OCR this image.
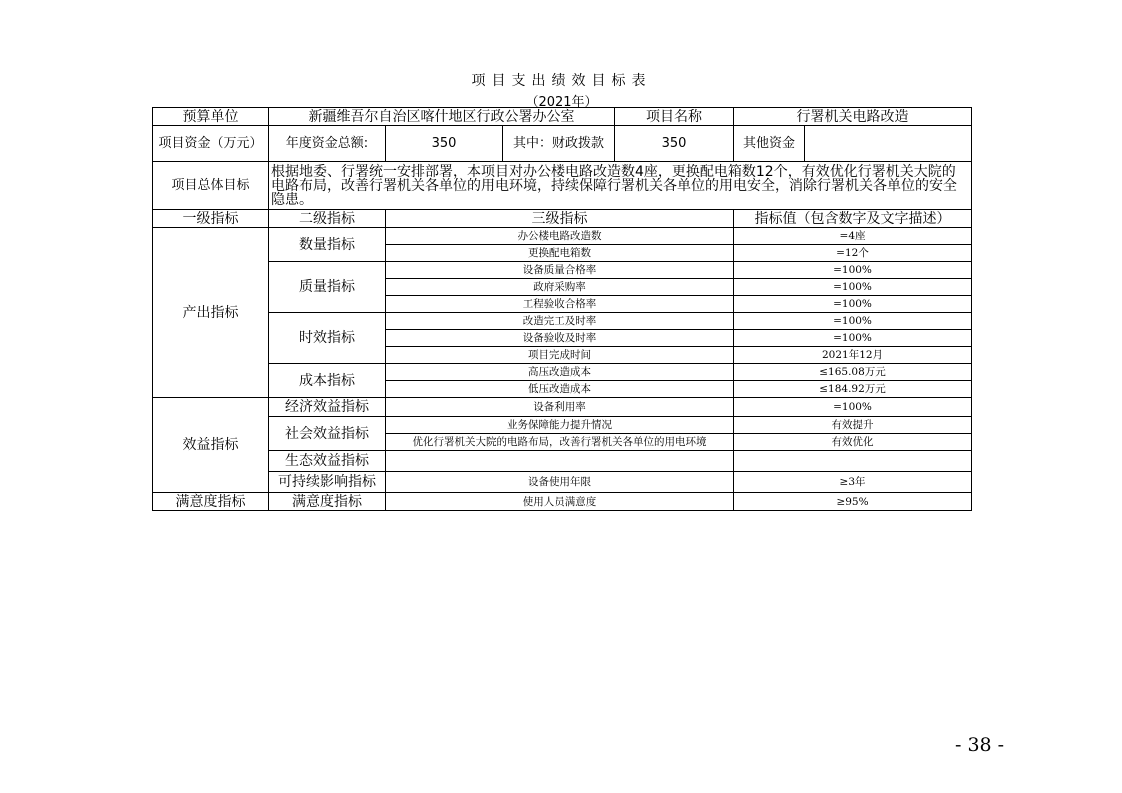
项目支出绩效目标表
（2021年）
预算单位	新疆维吾尔自治区喀什地区行政公署办公室			项目名称	行署机关电路改造	
项目资金（万元）	年度资金总额:	350	其中：财政拨款	350	其他资金	
项目总体目标	根据地委、行署统一安排部署，本项目对办公楼电路改造数4座，更换配电箱数12个，有效优化行署机关大院的电路布局，改善行署机关各单位的用电环境，持续保障行署机关各单位的用电安全，消除行署机关各单位的安全隐患。					
一级指标	二级指标	三级指标			指标值（包含数字及文字描述）	
产出指标	数量指标	办公楼电路改造数			=4座	
		更换配电箱数			=12个	
	质量指标	设备质量合格率			=100%	
		政府采购率			=100%	
		工程验收合格率			=100%	
	时效指标	改造完工及时率			=100%	
		设备验收及时率			=100%	
		项目完成时间			2021年12月	
	成本指标	高压改造成本			≤165.08万元	
		低压改造成本			≤184.92万元	
效益指标	经济效益指标	设备利用率			=100%	
	社会效益指标	业务保障能力提升情况			有效提升	
		优化行署机关大院的电路布局，改善行署机关各单位的用电环境			有效优化	
	生态效益指标					
	可持续影响指标	设备使用年限			≥3年	
满意度指标	满意度指标	使用人员满意度			≥95%	
- 38 -
